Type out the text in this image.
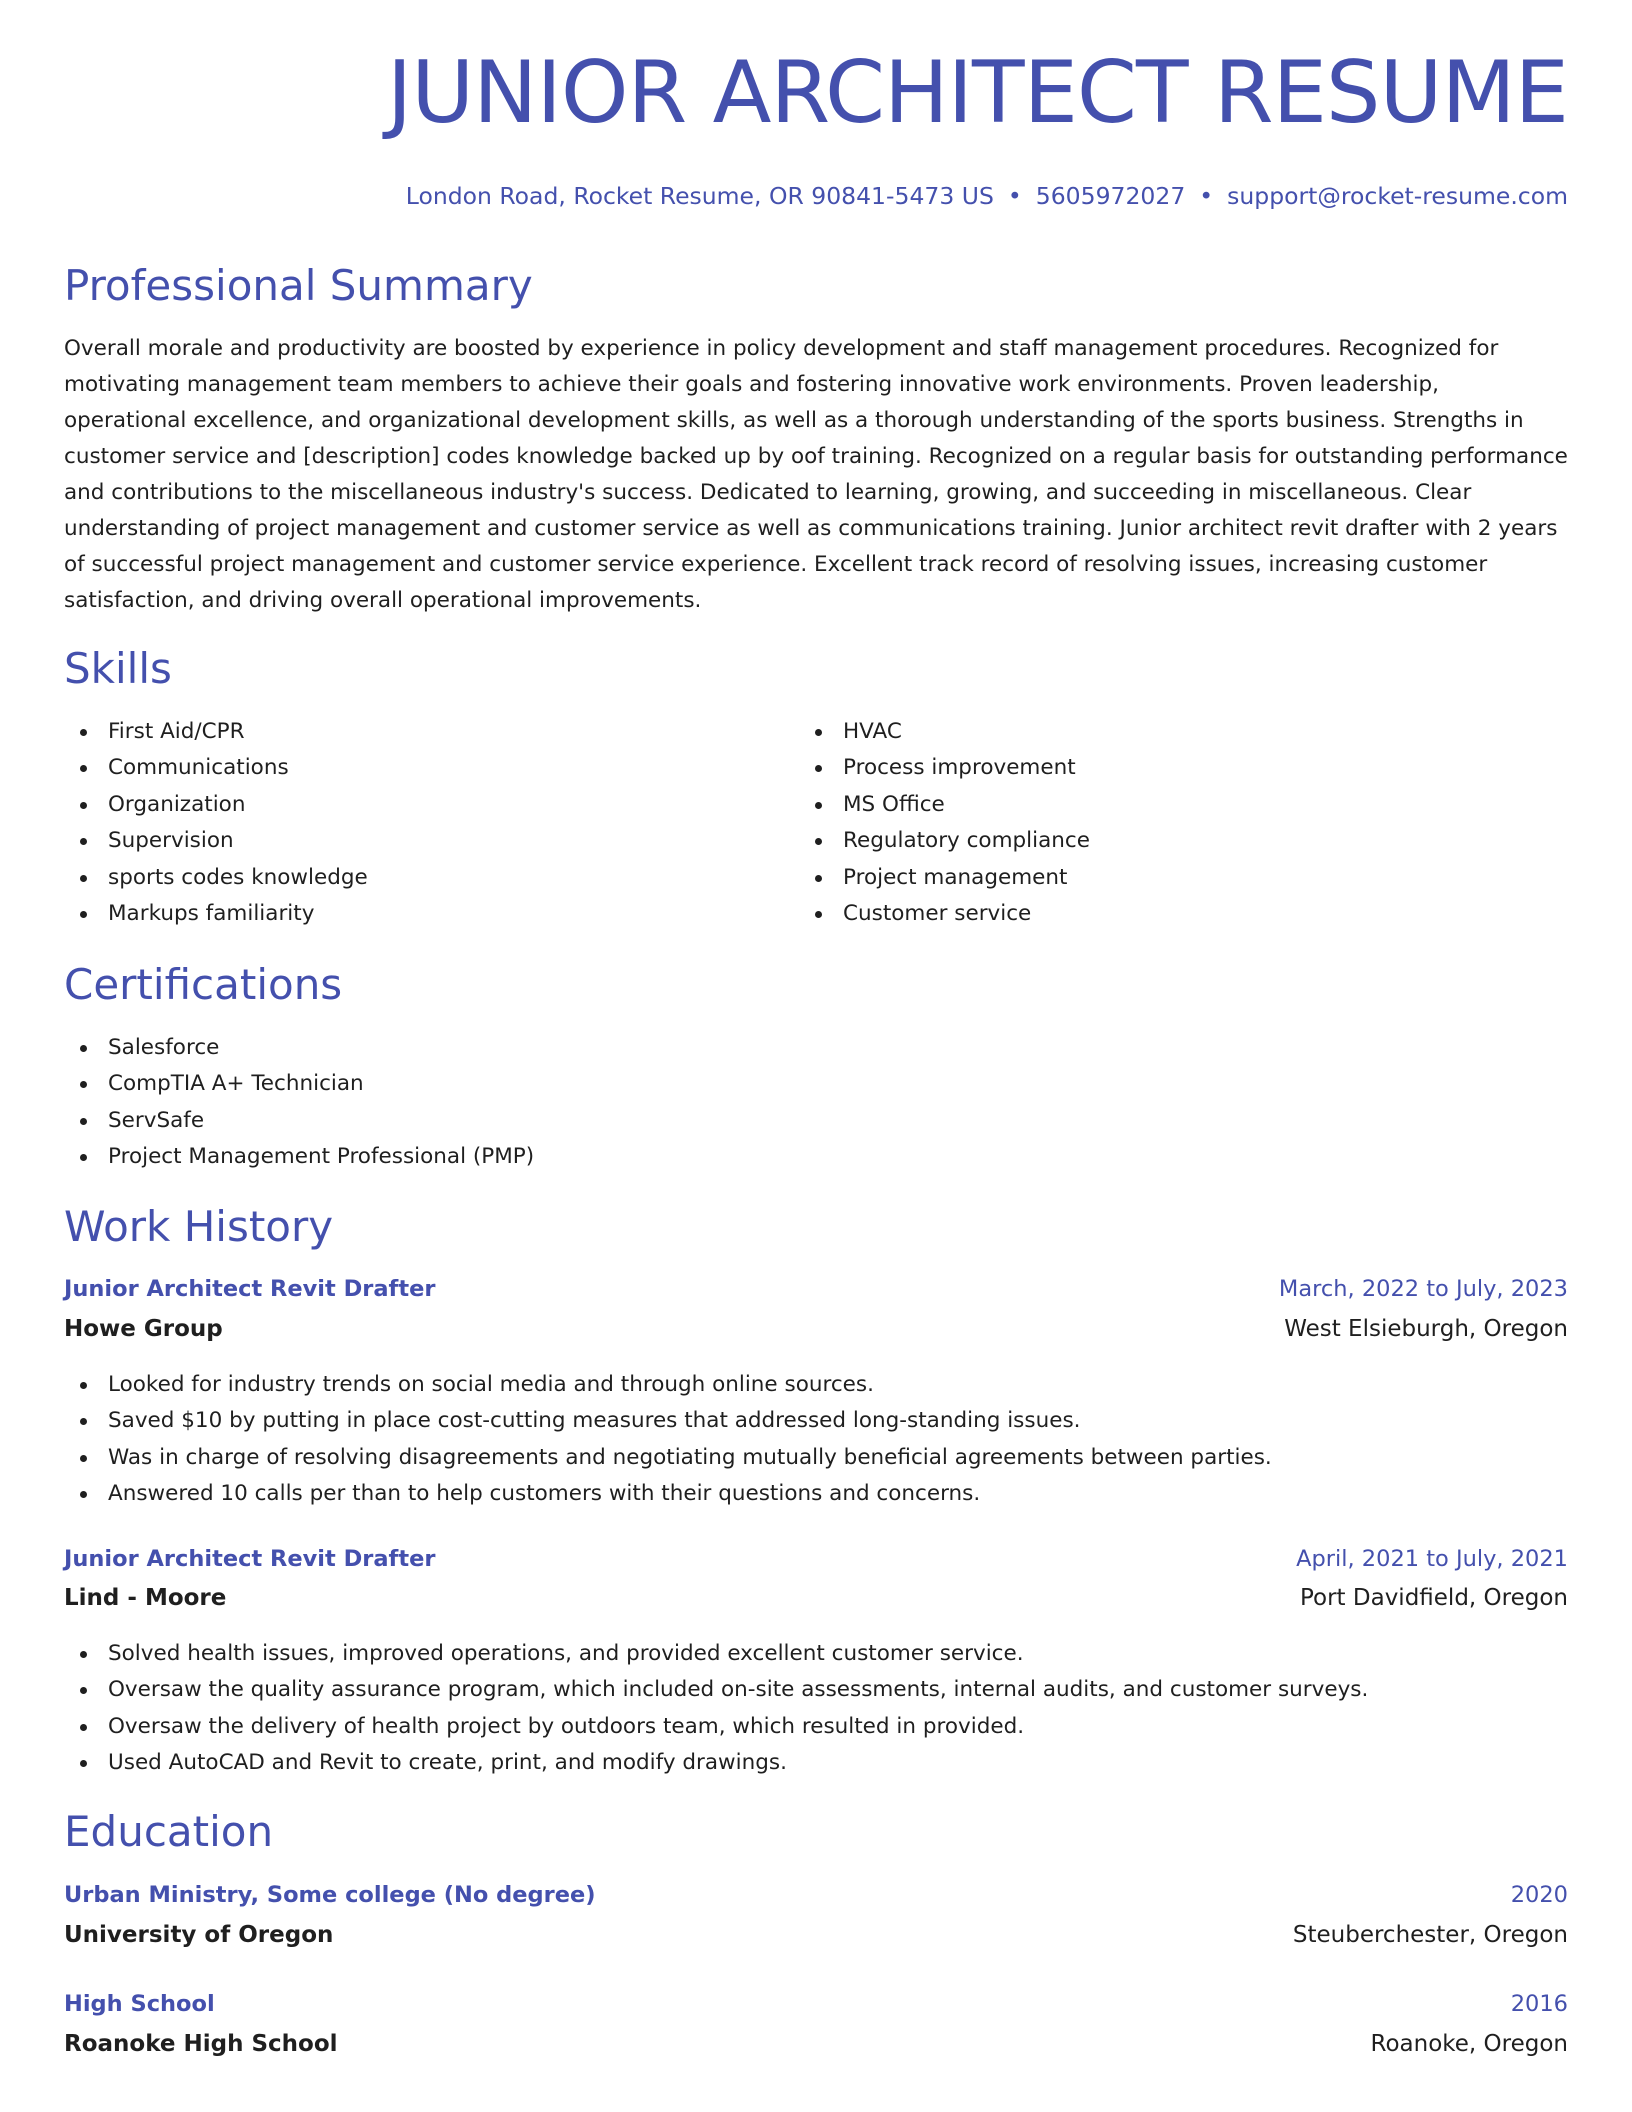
JUNIOR ARCHITECT RESUME
London Road, Rocket Resume, OR 90841-5473 US • 5605972027 • support@rocket-resume.com
Professional Summary

Overall morale and productivity are boosted by experience in policy development and staff management procedures. Recognized for motivating management team members to achieve their goals and fostering innovative work environments. Proven leadership, operational excellence, and organizational development skills, as well as a thorough understanding of the sports business. Strengths in customer service and [description] codes knowledge backed up by oof training. Recognized on a regular basis for outstanding performance and contributions to the miscellaneous industry's success. Dedicated to learning, growing, and succeeding in miscellaneous. Clear understanding of project management and customer service as well as communications training. Junior architect revit drafter with 2 years of successful project management and customer service experience. Excellent track record of resolving issues, increasing customer satisfaction, and driving overall operational improvements.

Skills
First Aid/CPR
Communications
Organization
Supervision
sports codes knowledge
Markups familiarity
HVAC
Process improvement
MS Office
Regulatory compliance
Project management
Customer service
Certifications
Salesforce
CompTIA A+ Technician
ServSafe
Project Management Professional (PMP)
Work History
Junior Architect Revit Drafter	March, 2022 to July, 2023
Howe Group	West Elsieburgh, Oregon
Looked for industry trends on social media and through online sources.
Saved $10 by putting in place cost-cutting measures that addressed long-standing issues.
Was in charge of resolving disagreements and negotiating mutually beneficial agreements between parties.
Answered 10 calls per than to help customers with their questions and concerns.
Junior Architect Revit Drafter	April, 2021 to July, 2021
Lind - Moore	Port Davidfield, Oregon
Solved health issues, improved operations, and provided excellent customer service.
Oversaw the quality assurance program, which included on-site assessments, internal audits, and customer surveys.
Oversaw the delivery of health project by outdoors team, which resulted in provided.
Used AutoCAD and Revit to create, print, and modify drawings.
Education
Urban Ministry, Some college (No degree)	2020
University of Oregon	Steuberchester, Oregon
High School	2016
Roanoke High School	Roanoke, Oregon
